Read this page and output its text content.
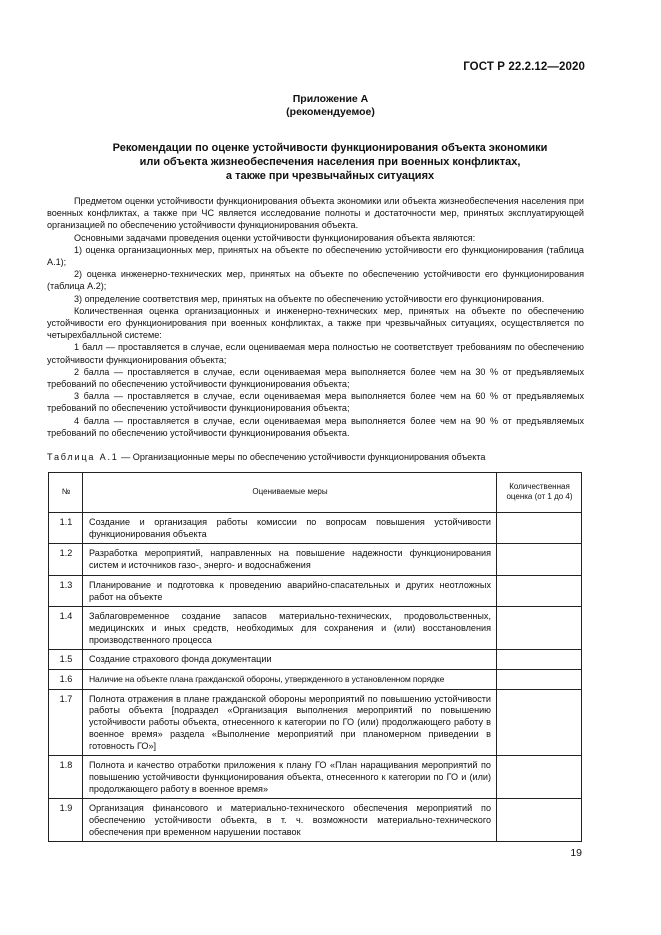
ГОСТ Р 22.2.12—2020
Приложение А
(рекомендуемое)
Рекомендации по оценке устойчивости функционирования объекта экономики
или объекта жизнеобеспечения населения при военных конфликтах,
а также при чрезвычайных ситуациях

Предметом оценки устойчивости функционирования объекта экономики или объекта жизнеобеспечения населения при военных конфликтах, а также при ЧС является исследование полноты и достаточности мер, принятых эксплуатирующей организацией по обеспечению устойчивости функционирования объекта.

Основными задачами проведения оценки устойчивости функционирования объекта являются:

1) оценка организационных мер, принятых на объекте по обеспечению устойчивости его функционирования (таблица А.1);

2) оценка инженерно-технических мер, принятых на объекте по обеспечению устойчивости его функционирования (таблица А.2);

3) определение соответствия мер, принятых на объекте по обеспечению устойчивости его функционирования.

Количественная оценка организационных и инженерно-технических мер, принятых на объекте по обеспечению устойчивости его функционирования при военных конфликтах, а также при чрезвычайных ситуациях, осуществляется по четырехбалльной системе:

1 балл — проставляется в случае, если оцениваемая мера полностью не соответствует требованиям по обеспечению устойчивости функционирования объекта;

2 балла — проставляется в случае, если оцениваемая мера выполняется более чем на 30 % от предъявляемых требований по обеспечению устойчивости функционирования объекта;

3 балла — проставляется в случае, если оцениваемая мера выполняется более чем на 60 % от предъявляемых требований по обеспечению устойчивости функционирования объекта;

4 балла — проставляется в случае, если оцениваемая мера выполняется более чем на 90 % от предъявляемых требований по обеспечению устойчивости функционирования объекта.

Таблица А.1 — Организационные меры по обеспечению устойчивости функционирования объекта
№	Оцениваемые меры	Количественная оценка (от 1 до 4)
1.1	Создание и организация работы комиссии по вопросам повышения устойчивости функционирования объекта	
1.2	Разработка мероприятий, направленных на повышение надежности функционирования систем и источников газо-, энерго- и водоснабжения	
1.3	Планирование и подготовка к проведению аварийно-спасательных и других неотложных работ на объекте	
1.4	Заблаговременное создание запасов материально-технических, продовольственных, медицинских и иных средств, необходимых для сохранения и (или) восстановления производственного процесса	
1.5	Создание страхового фонда документации	
1.6	Наличие на объекте плана гражданской обороны, утвержденного в установленном порядке	
1.7	Полнота отражения в плане гражданской обороны мероприятий по повышению устойчивости работы объекта [подраздел «Организация выполнения мероприятий по повышению устойчивости работы объекта, отнесенного к категории по ГО (или) продолжающего работу в военное время» раздела «Выполнение мероприятий при планомерном приведении в готовность ГО»]	
1.8	Полнота и качество отработки приложения к плану ГО «План наращивания мероприятий по повышению устойчивости функционирования объекта, отнесенного к категории по ГО и (или) продолжающего работу в военное время»	
1.9	Организация финансового и материально-технического обеспечения мероприятий по обеспечению устойчивости объекта, в т. ч. возможности материально-технического обеспечения при временном нарушении поставок	
19
